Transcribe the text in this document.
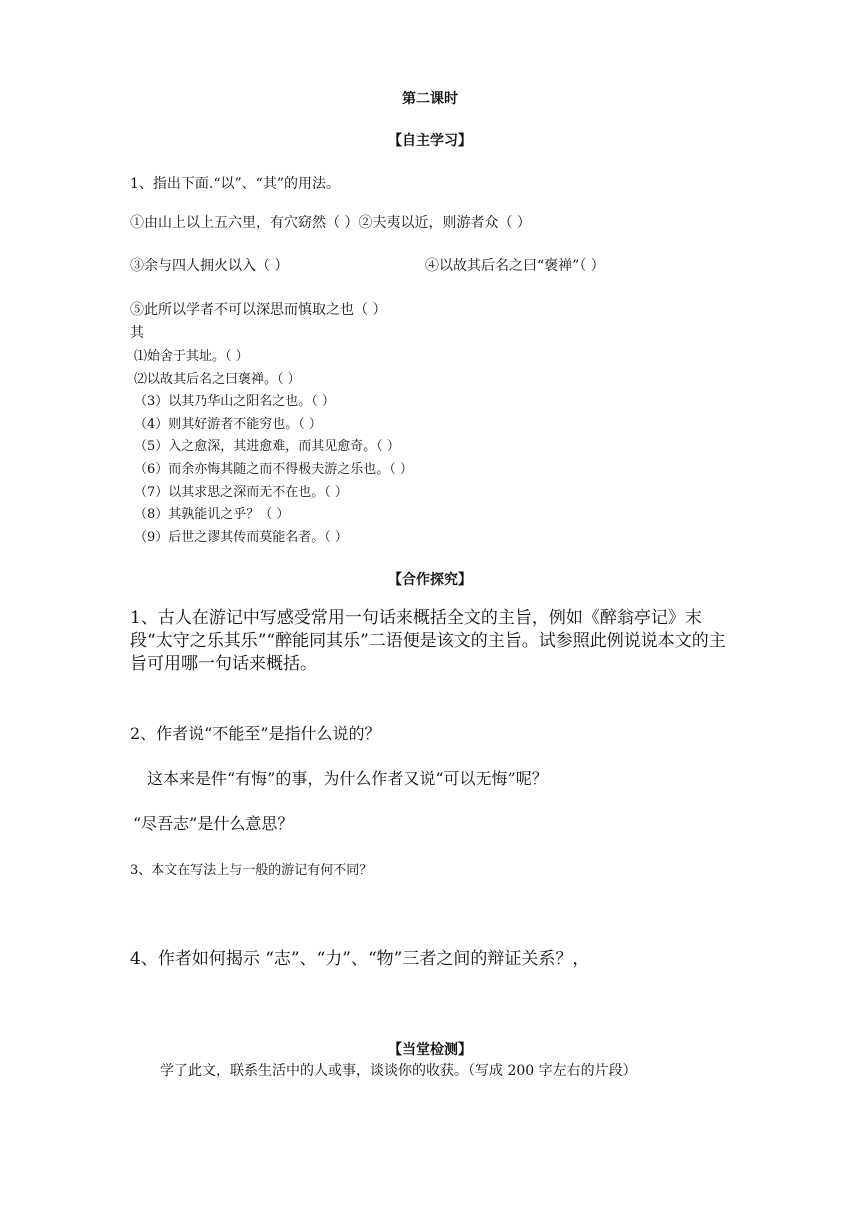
第二课时
【自主学习】
1、指出下面.“以”、“其”的用法。
①由山上以上五六里，有穴窈然（ ）②夫夷以近，则游者众（ ）
③余与四人拥火以入（ ）	④以故其后名之曰“褒禅”（ ）
⑤此所以学者不可以深思而慎取之也（ ）
其
⑴始舍于其址。（ ）
⑵以故其后名之曰褒禅。（ ）
（3）以其乃华山之阳名之也。（ ）
（4）则其好游者不能穷也。（ ）
（5）入之愈深，其进愈难，而其见愈奇。（ ）
（6）而余亦悔其随之而不得极夫游之乐也。（ ）
（7）以其求思之深而无不在也。（ ）
（8）其孰能讥之乎？（ ）
（9）后世之谬其传而莫能名者。（ ）
【合作探究】
1、古人在游记中写感受常用一句话来概括全文的主旨，例如《醉翁亭记》末段“太守之乐其乐”“醉能同其乐”二语便是该文的主旨。试参照此例说说本文的主旨可用哪一句话来概括。
2、作者说“不能至”是指什么说的？
这本来是件“有悔”的事，为什么作者又说“可以无悔”呢？
“尽吾志”是什么意思？
3、本文在写法上与一般的游记有何不同？
4、作者如何揭示 “志”、“力”、“物”三者之间的辩证关系？，
【当堂检测】
学了此文，联系生活中的人或事，谈谈你的收获。（写成 200 字左右的片段）
